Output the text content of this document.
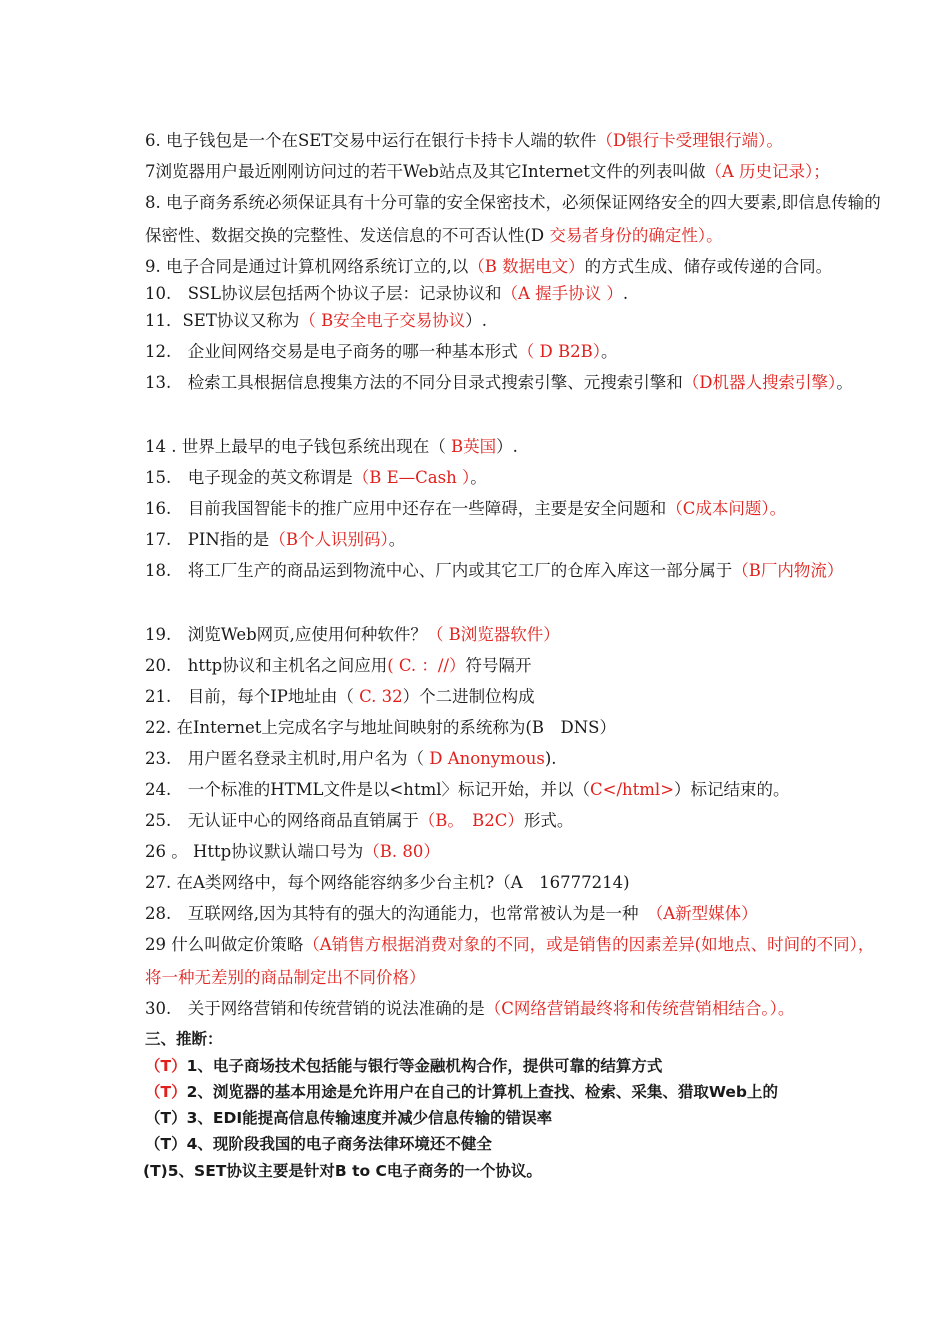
6. 电子钱包是一个在SET交易中运行在银行卡持卡人端的软件（D银行卡受理银行端）。
7浏览器用户最近刚刚访问过的若干Web站点及其它Internet文件的列表叫做（A 历史记录）；
8. 电子商务系统必须保证具有十分可靠的安全保密技术，必须保证网络安全的四大要素,即信息传输的保密性、数据交换的完整性、发送信息的不可否认性(D 交易者身份的确定性）。
9. 电子合同是通过计算机网络系统订立的,以（B 数据电文）的方式生成、储存或传递的合同。
10.　SSL协议层包括两个协议子层：记录协议和（A 握手协议 ）.
11．SET协议又称为（ B安全电子交易协议）.
12.　企业间网络交易是电子商务的哪一种基本形式（ D B2B）。
13.　检索工具根据信息搜集方法的不同分目录式搜索引擎、元搜索引擎和（D机器人搜索引擎）。
14 . 世界上最早的电子钱包系统出现在（ B英国）.
15.　电子现金的英文称谓是（B E—Cash ）。
16.　目前我国智能卡的推广应用中还存在一些障碍，主要是安全问题和（C成本问题）。
17.　PIN指的是（B个人识别码）。
18.　将工厂生产的商品运到物流中心、厂内或其它工厂的仓库入库这一部分属于（B厂内物流）
19.　浏览Web网页,应使用何种软件？（ B浏览器软件）
20.　http协议和主机名之间应用( C. ：//）符号隔开
21.　目前，每个IP地址由（ C. 32）个二进制位构成
22. 在Internet上完成名字与地址间映射的系统称为(B　DNS）
23.　用户匿名登录主机时,用户名为（ D Anonymous).
24.　一个标准的HTML文件是以<html〉标记开始，并以（C</html>）标记结束的。
25.　无认证中心的网络商品直销属于（B。　B2C）形式。
26 。 Http协议默认端口号为（B. 80）
27. 在A类网络中，每个网络能容纳多少台主机?（A　16777214)
28.　互联网络,因为其特有的强大的沟通能力，也常常被认为是一种　（A新型媒体）
29 什么叫做定价策略（A销售方根据消费对象的不同，或是销售的因素差异(如地点、时间的不同），将一种无差别的商品制定出不同价格）
30.　关于网络营销和传统营销的说法准确的是（C网络营销最终将和传统营销相结合。）。
三、推断：
（T）1、电子商场技术包括能与银行等金融机构合作，提供可靠的结算方式
（T）2、浏览器的基本用途是允许用户在自己的计算机上查找、检索、采集、猎取Web上的
（T）3、EDI能提高信息传输速度并减少信息传输的错误率
（T）4、现阶段我国的电子商务法律环境还不健全
(T)5、SET协议主要是针对B to C电子商务的一个协议。
